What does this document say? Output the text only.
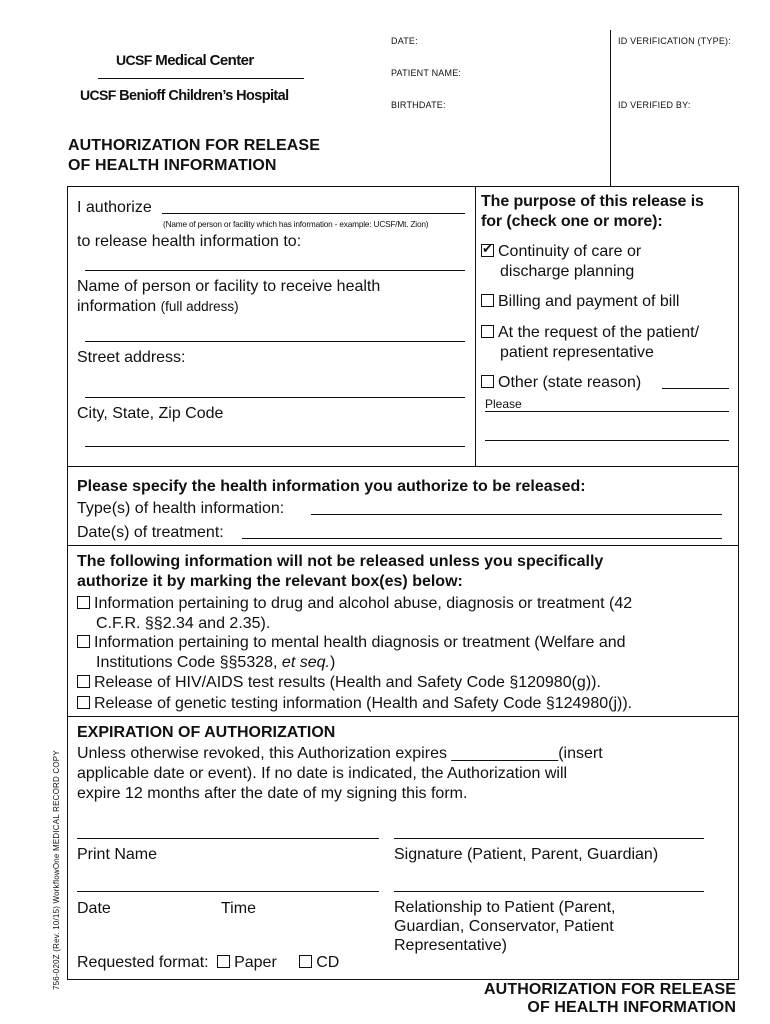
UCSF Medical Center
UCSF Benioff Children’s Hospital
DATE:
PATIENT NAME:
BIRTHDATE:
ID VERIFICATION (TYPE):
ID VERIFIED BY:
AUTHORIZATION FOR RELEASE
OF HEALTH INFORMATION
I authorize
(Name of person or facility which has information - example: UCSF/Mt. Zion)
to release health information to:
Name of person or facility to receive health
information (full address)
Street address:
City, State, Zip Code
The purpose of this release is
for (check one or more):
✔Continuity of care or
discharge planning
Billing and payment of bill
At the request of the patient/
patient representative
Other (state reason)
Please
Please specify the health information you authorize to be released:
Type(s) of health information:
Date(s) of treatment:
The following information will not be released unless you specifically
authorize it by marking the relevant box(es) below:
Information pertaining to drug and alcohol abuse, diagnosis or treatment (42
C.F.R. §§2.34 and 2.35).
Information pertaining to mental health diagnosis or treatment (Welfare and
Institutions Code §§5328, et seq.)
Release of HIV/AIDS test results (Health and Safety Code §120980(g)).
Release of genetic testing information (Health and Safety Code §124980(j)).
EXPIRATION OF AUTHORIZATION
Unless otherwise revoked, this Authorization expires ____________(insert
applicable date or event). If no date is indicated, the Authorization will
expire 12 months after the date of my signing this form.
Print Name	Signature (Patient, Parent, Guardian)
Date	Time	Relationship to Patient (Parent,
Guardian, Conservator, Patient
Representative)
Requested format: Paper CD
756-020Z (Rev. 10/15) WorkflowOne MEDICAL RECORD COPY	AUTHORIZATION FOR RELEASE
OF HEALTH INFORMATION
